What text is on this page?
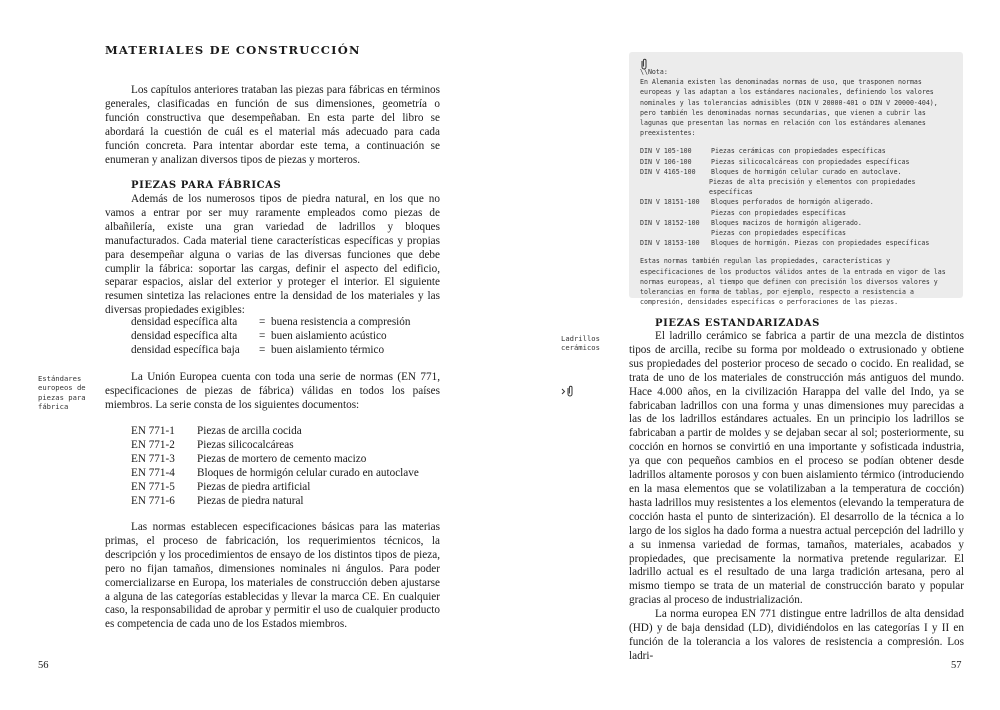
MATERIALES DE CONSTRUCCIÓN

Los capítulos anteriores trataban las piezas para fábricas en términos generales, clasificadas en función de sus dimensiones, geometría o función constructiva que desempeñaban. En esta parte del libro se abordará la cuestión de cuál es el material más adecuado para cada función concreta. Para intentar abordar este tema, a continuación se enumeran y analizan diversos tipos de piezas y morteros.

PIEZAS PARA FÁBRICAS

Además de los numerosos tipos de piedra natural, en los que no vamos a entrar por ser muy raramente empleados como piezas de albañilería, existe una gran variedad de ladrillos y bloques manufacturados. Cada material tiene características específicas y propias para desempeñar alguna o varias de las diversas funciones que debe cumplir la fábrica: soportar las cargas, definir el aspecto del edificio, separar espacios, aislar del exterior y proteger el interior. El siguiente resumen sintetiza las relaciones entre la densidad de los materiales y las diversas propiedades exigibles:

densidad específica alta	= buena resistencia a compresión
densidad específica alta	= buen aislamiento acústico
densidad específica baja	= buen aislamiento térmico
Estándares europeos de piezas para fábrica

La Unión Europea cuenta con toda una serie de normas (EN 771, especificaciones de piezas de fábrica) válidas en todos los países miembros. La serie consta de los siguientes documentos:

EN 771-1	Piezas de arcilla cocida
EN 771-2	Piezas silicocalcáreas
EN 771-3	Piezas de mortero de cemento macizo
EN 771-4	Bloques de hormigón celular curado en autoclave
EN 771-5	Piezas de piedra artificial
EN 771-6	Piezas de piedra natural

Las normas establecen especificaciones básicas para las materias primas, el proceso de fabricación, los requerimientos técnicos, la descripción y los procedimientos de ensayo de los distintos tipos de pieza, pero no fijan tamaños, dimensiones nominales ni ángulos. Para poder comercializarse en Europa, los materiales de construcción deben ajustarse a alguna de las categorías establecidas y llevar la marca CE. En cualquier caso, la responsabilidad de aprobar y permitir el uso de cualquier producto es competencia de cada uno de los Estados miembros.

56
\\Nota:
En Alemania existen las denominadas normas de uso, que trasponen normas europeas y las adaptan a los estándares nacionales, definiendo los valores nominales y las tolerancias admisibles (DIN V 20000-401 o DIN V 20000-404), pero también les denominadas normas secundarias, que vienen a cubrir las lagunas que presentan las normas en relación con los estándares alemanes preexistentes:
DIN V 105-100	Piezas cerámicas con propiedades específicas
DIN V 106-100	Piezas silicocalcáreas con propiedades específicas
DIN V 4165-100	Bloques de hormigón celular curado en autoclave.
Piezas de alta precisión y elementos con propiedades específicas
DIN V 18151-100	Bloques perforados de hormigón aligerado.
Piezas con propiedades específicas
DIN V 18152-100	Bloques macizos de hormigón aligerado.
Piezas con propiedades específicas
DIN V 18153-100	Bloques de hormigón. Piezas con propiedades específicas
Estas normas también regulan las propiedades, características y especificaciones de los productos válidos antes de la entrada en vigor de las normas europeas, al tiempo que definen con precisión los diversos valores y tolerancias en forma de tablas, por ejemplo, respecto a resistencia a compresión, densidades específicas o perforaciones de las piezas.
Ladrillos cerámicos
PIEZAS ESTANDARIZADAS

El ladrillo cerámico se fabrica a partir de una mezcla de distintos tipos de arcilla, recibe su forma por moldeado o extrusionado y obtiene sus propiedades del posterior proceso de secado o cocido. En realidad, se trata de uno de los materiales de construcción más antiguos del mundo. Hace 4.000 años, en la civilización Harappa del valle del Indo, ya se fabricaban ladrillos con una forma y unas dimensiones muy parecidas a las de los ladrillos estándares actuales. En un principio los ladrillos se fabricaban a partir de moldes y se dejaban secar al sol; posteriormente, su cocción en hornos se convirtió en una importante y sofisticada industria, ya que con pequeños cambios en el proceso se podían obtener desde ladrillos altamente porosos y con buen aislamiento térmico (introduciendo en la masa elementos que se volatilizaban a la temperatura de cocción) hasta ladrillos muy resistentes a los elementos (elevando la temperatura de cocción hasta el punto de sinterización). El desarrollo de la técnica a lo largo de los siglos ha dado forma a nuestra actual percepción del ladrillo y a su inmensa variedad de formas, tamaños, materiales, acabados y propiedades, que precisamente la normativa pretende regularizar. El ladrillo actual es el resultado de una larga tradición artesana, pero al mismo tiempo se trata de un material de construcción barato y popular gracias al proceso de industrialización.

La norma europea EN 771 distingue entre ladrillos de alta densidad (HD) y de baja densidad (LD), dividiéndolos en las categorías I y II en función de la tolerancia a los valores de resistencia a compresión. Los ladri-

57
